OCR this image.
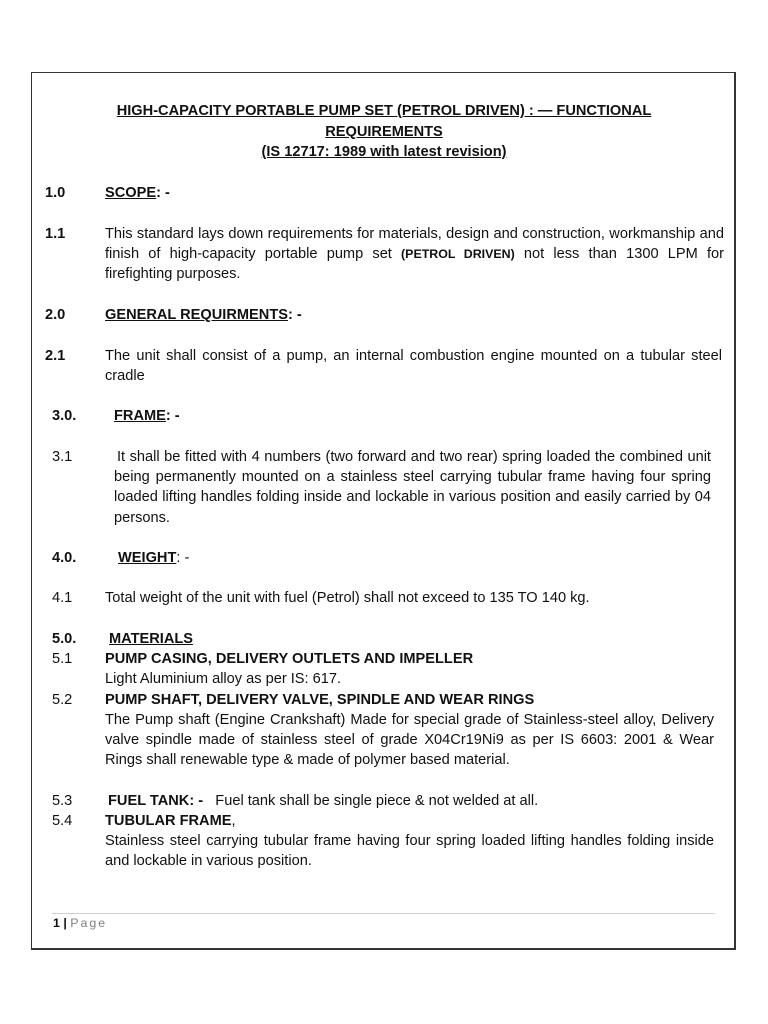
HIGH-CAPACITY PORTABLE PUMP SET (PETROL DRIVEN) : — FUNCTIONAL
REQUIREMENTS
(IS 12717: 1989 with latest revision)
1.0	SCOPE: -
1.1	This standard lays down requirements for materials, design and construction, workmanship and finish of high-capacity portable pump set (PETROL DRIVEN) not less than 1300 LPM for firefighting purposes.
2.0	GENERAL REQUIRMENTS: -
2.1	The unit shall consist of a pump, an internal combustion engine mounted on a tubular steel cradle
3.0.	FRAME: -
3.1	It shall be fitted with 4 numbers (two forward and two rear) spring loaded the combined unit being permanently mounted on a stainless steel carrying tubular frame having four spring loaded lifting handles folding inside and lockable in various position and easily carried by 04 persons.
4.0.	WEIGHT: -
4.1 Total weight of the unit with fuel (Petrol) shall not exceed to 135 TO 140 kg.
5.0. MATERIALS
5.1 PUMP CASING, DELIVERY OUTLETS AND IMPELLER
Light Aluminium alloy as per IS: 617.
5.2 PUMP SHAFT, DELIVERY VALVE, SPINDLE AND WEAR RINGS
The Pump shaft (Engine Crankshaft) Made for special grade of Stainless-steel alloy, Delivery valve spindle made of stainless steel of grade X04Cr19Ni9 as per IS 6603: 2001 & Wear Rings shall renewable type & made of polymer based material.
5.3 FUEL TANK: - Fuel tank shall be single piece & not welded at all.
5.4 TUBULAR FRAME,
Stainless steel carrying tubular frame having four spring loaded lifting handles folding inside and lockable in various position.
1 | Page
